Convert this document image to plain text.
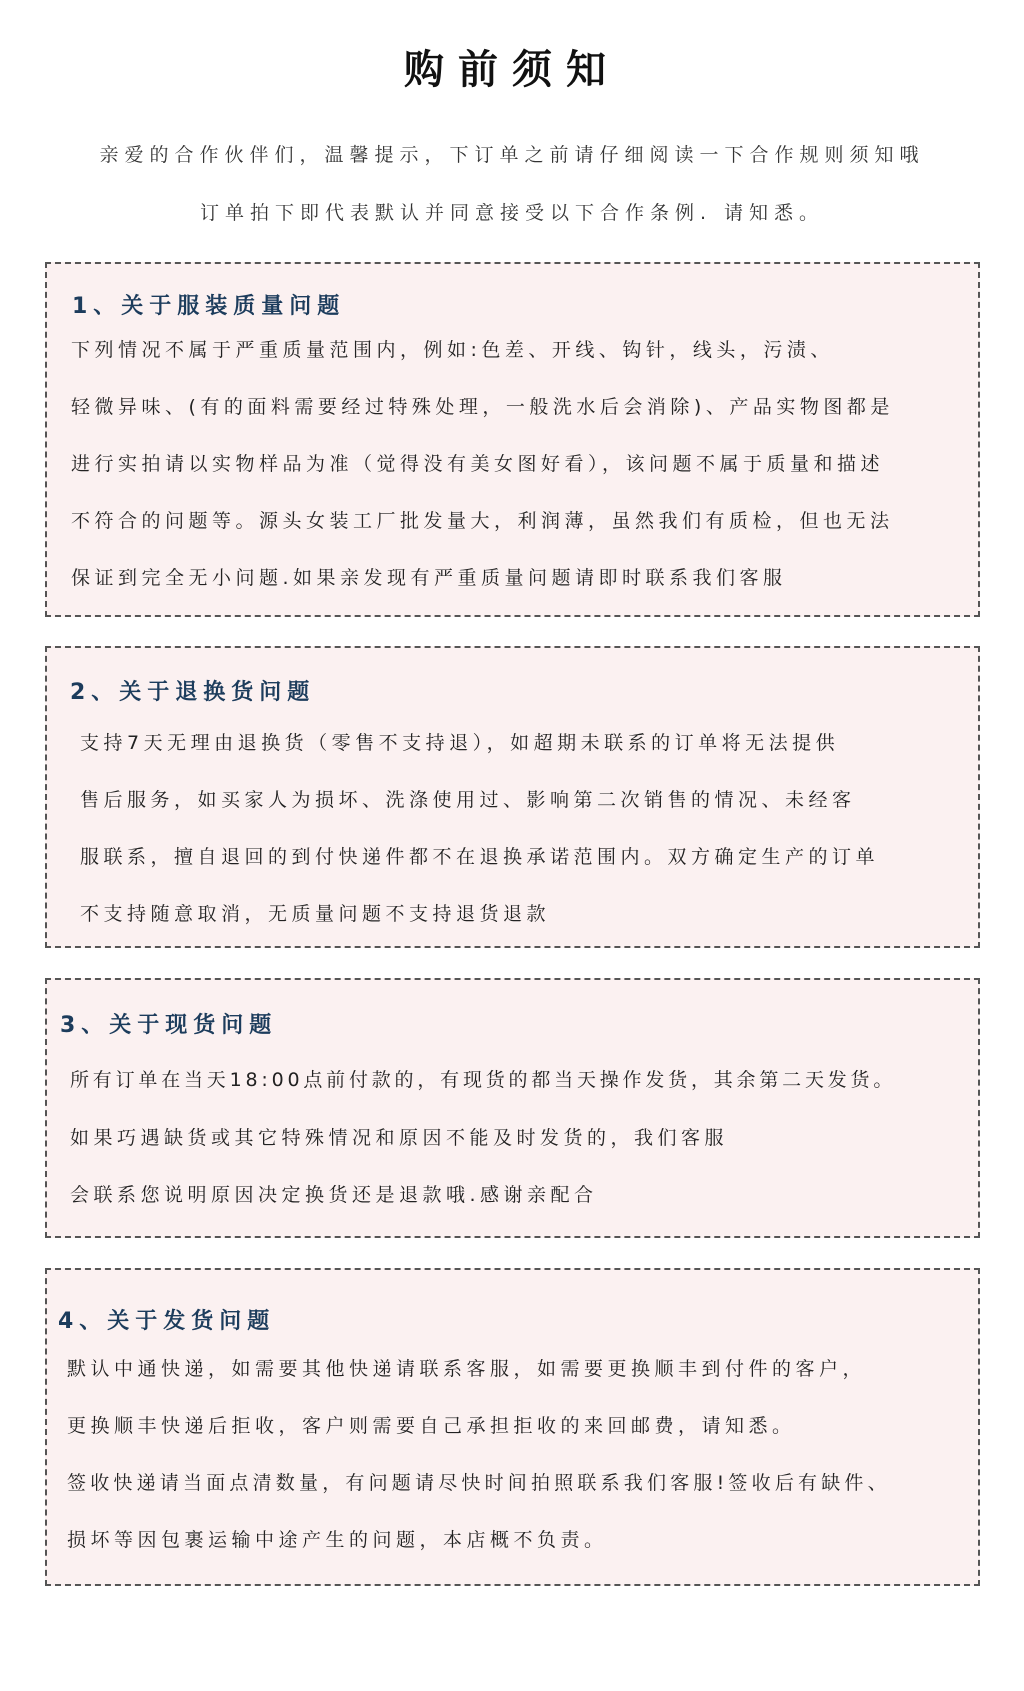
购前须知
亲爱的合作伙伴们，温馨提示，下订单之前请仔细阅读一下合作规则须知哦
订单拍下即代表默认并同意接受以下合作条例. 请知悉。
1、关于服装质量问题
下列情况不属于严重质量范围内，例如:色差、开线、钩针，线头，污渍、
轻微异味、(有的面料需要经过特殊处理，一般洗水后会消除)、产品实物图都是
进行实拍请以实物样品为准（觉得没有美女图好看），该问题不属于质量和描述
不符合的问题等。源头女装工厂批发量大，利润薄，虽然我们有质检，但也无法
保证到完全无小问题.如果亲发现有严重质量问题请即时联系我们客服
2、关于退换货问题
支持7天无理由退换货（零售不支持退），如超期未联系的订单将无法提供
售后服务，如买家人为损坏、洗涤使用过、影响第二次销售的情况、未经客
服联系，擅自退回的到付快递件都不在退换承诺范围内。双方确定生产的订单
不支持随意取消，无质量问题不支持退货退款
3、关于现货问题
所有订单在当天18:00点前付款的，有现货的都当天操作发货，其余第二天发货。
如果巧遇缺货或其它特殊情况和原因不能及时发货的，我们客服
会联系您说明原因决定换货还是退款哦.感谢亲配合
4、关于发货问题
默认中通快递，如需要其他快递请联系客服，如需要更换顺丰到付件的客户，
更换顺丰快递后拒收，客户则需要自己承担拒收的来回邮费，请知悉。
签收快递请当面点清数量，有问题请尽快时间拍照联系我们客服!签收后有缺件、
损坏等因包裹运输中途产生的问题，本店概不负责。
